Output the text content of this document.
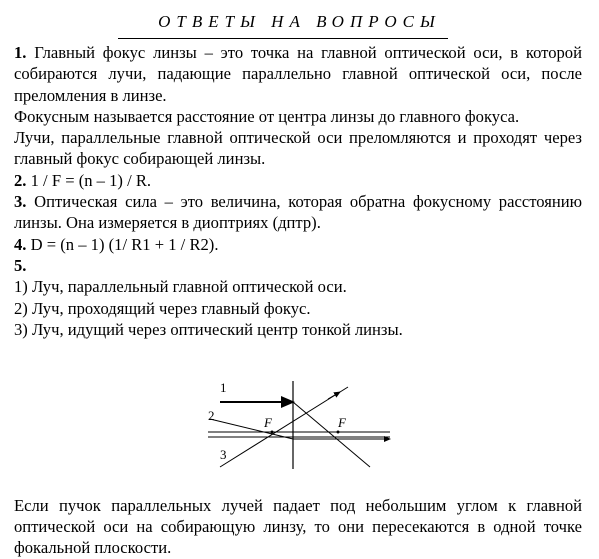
ОТВЕТЫ НА ВОПРОСЫ

1. Главный фокус линзы – это точка на главной оптической оси, в которой собираются лучи, падающие параллельно главной оптической оси, после преломления в линзе.

Фокусным называется расстояние от центра линзы до главного фокуса.

Лучи, параллельные главной оптической оси преломляются и проходят через главный фокус собирающей линзы.

2. 1 / F = (n – 1) / R.

3. Оптическая сила – это величина, которая обратна фокусному расстоянию линзы. Она измеряется в диоптриях (дптр).

4. D = (n – 1) (1/ R1 + 1 / R2).

5.

1) Луч, параллельный главной оптической оси.

2) Луч, проходящий через главный фокус.

3) Луч, идущий через оптический центр тонкой линзы.

1
2
3
F	F

Если пучок параллельных лучей падает под небольшим углом к главной оптической оси на собирающую линзу, то они пересекаются в одной точке фокальной плоскости.
